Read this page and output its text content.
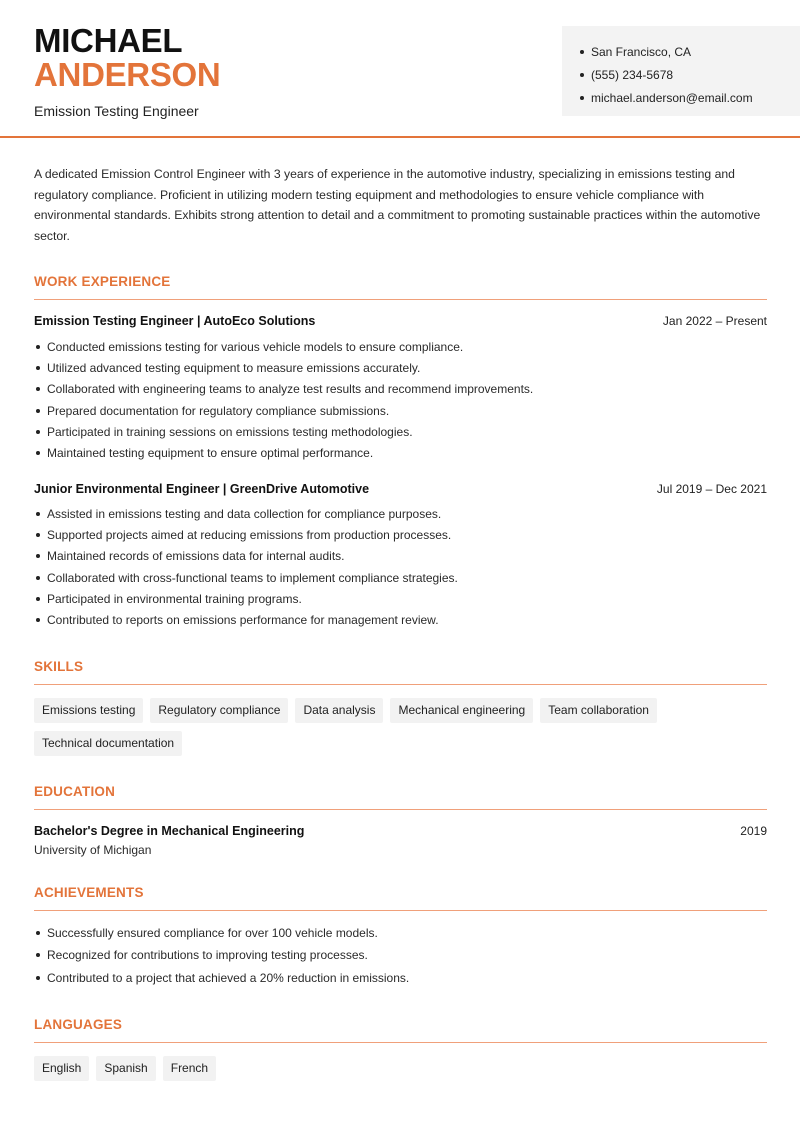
MICHAEL
ANDERSON
Emission Testing Engineer
San Francisco, CA
(555) 234-5678
michael.anderson@email.com

A dedicated Emission Control Engineer with 3 years of experience in the automotive industry, specializing in emissions testing and regulatory compliance. Proficient in utilizing modern testing equipment and methodologies to ensure vehicle compliance with environmental standards. Exhibits strong attention to detail and a commitment to promoting sustainable practices within the automotive sector.

WORK EXPERIENCE
Emission Testing Engineer | AutoEco Solutions	Jan 2022 – Present
Conducted emissions testing for various vehicle models to ensure compliance.
Utilized advanced testing equipment to measure emissions accurately.
Collaborated with engineering teams to analyze test results and recommend improvements.
Prepared documentation for regulatory compliance submissions.
Participated in training sessions on emissions testing methodologies.
Maintained testing equipment to ensure optimal performance.
Junior Environmental Engineer | GreenDrive Automotive	Jul 2019 – Dec 2021
Assisted in emissions testing and data collection for compliance purposes.
Supported projects aimed at reducing emissions from production processes.
Maintained records of emissions data for internal audits.
Collaborated with cross-functional teams to implement compliance strategies.
Participated in environmental training programs.
Contributed to reports on emissions performance for management review.
SKILLS
Emissions testing	Regulatory compliance	Data analysis	Mechanical engineering	Team collaboration
Technical documentation
EDUCATION
Bachelor's Degree in Mechanical Engineering
University of Michigan
2019
ACHIEVEMENTS
Successfully ensured compliance for over 100 vehicle models.
Recognized for contributions to improving testing processes.
Contributed to a project that achieved a 20% reduction in emissions.
LANGUAGES
English	Spanish	French
